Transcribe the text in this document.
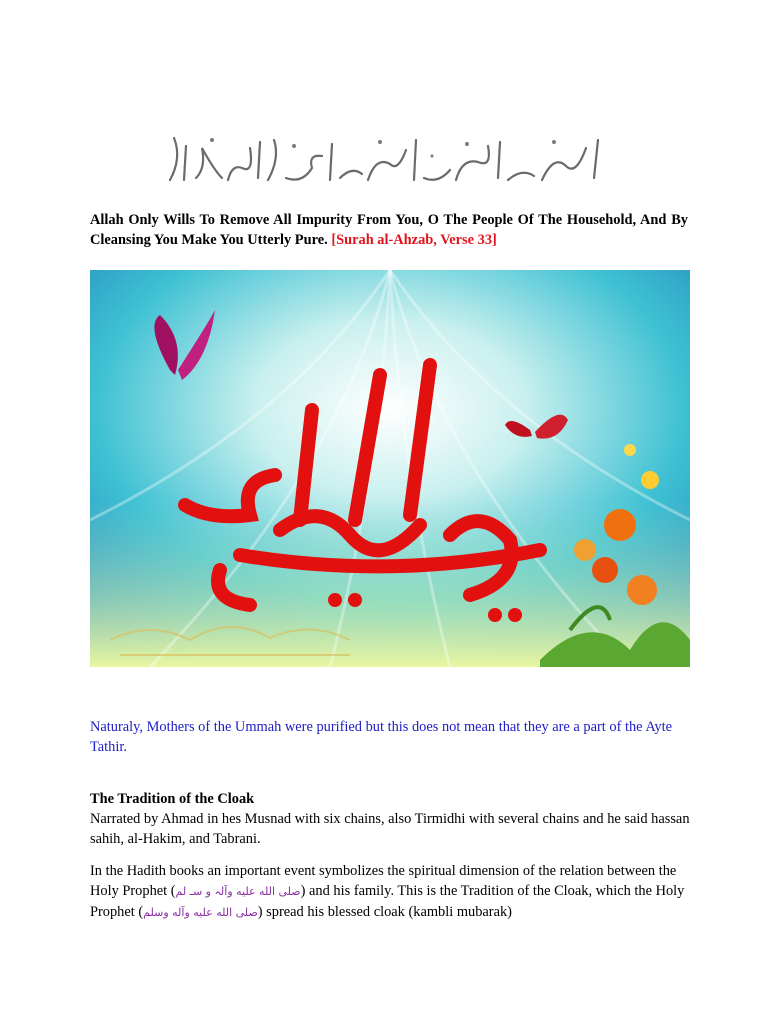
Allah Only Wills To Remove All Impurity From You, O The People Of The Household, And By Cleansing You Make You Utterly Pure. [Surah al-Ahzab, Verse 33]
Naturaly, Mothers of the Ummah were purified but this does not mean that they are a part of the Ayte Tathir.
The Tradition of the Cloak

Narrated by Ahmad in hes Musnad with six chains, also Tirmidhi with several chains and he said hassan sahih, al-Hakim, and Tabrani.

In the Hadith books an important event symbolizes the spiritual dimension of the relation between the Holy Prophet (لہ و سـ لمصلى الله عليه وآ) and his family. This is the Tradition of the Cloak, which the Holy Prophet (صلى الله عليه وآله وسلم) spread his blessed cloak (kambli mubarak)
